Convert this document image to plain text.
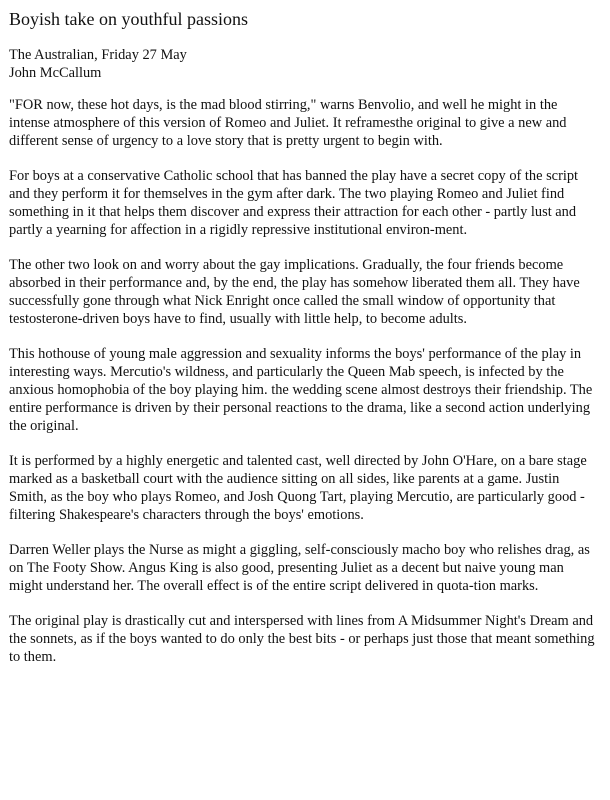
Boyish take on youthful passions
The Australian, Friday 27 May
John McCallum

"FOR now, these hot days, is the mad blood stirring," warns Benvolio, and well he might in the intense atmosphere of this version of Romeo and Juliet. It reframesthe original to give a new and different sense of urgency to a love story that is pretty urgent to begin with.

For boys at a conservative Catholic school that has banned the play have a secret copy of the script and they perform it for themselves in the gym after dark. The two playing Romeo and Juliet find something in it that helps them discover and express their attraction for each other - partly lust and partly a yearning for affection in a rigidly repressive institutional environ-ment.

The other two look on and worry about the gay implications. Gradually, the four friends become absorbed in their performance and, by the end, the play has somehow liberated them all. They have successfully gone through what Nick Enright once called the small window of opportunity that testosterone-driven boys have to find, usually with little help, to become adults.

This hothouse of young male aggression and sexuality informs the boys' performance of the play in interesting ways. Mercutio's wildness, and particularly the Queen Mab speech, is infected by the anxious homophobia of the boy playing him. the wedding scene almost destroys their friendship. The entire performance is driven by their personal reactions to the drama, like a second action underlying the original.

It is performed by a highly energetic and talented cast, well directed by John O'Hare, on a bare stage marked as a basketball court with the audience sitting on all sides, like parents at a game. Justin Smith, as the boy who plays Romeo, and Josh Quong Tart, playing Mercutio, are particularly good - filtering Shakespeare's characters through the boys' emotions.

Darren Weller plays the Nurse as might a giggling, self-consciously macho boy who relishes drag, as on The Footy Show. Angus King is also good, presenting Juliet as a decent but naive young man might understand her. The overall effect is of the entire script delivered in quota-tion marks.

The original play is drastically cut and interspersed with lines from A Midsummer Night's Dream and the sonnets, as if the boys wanted to do only the best bits - or perhaps just those that meant something to them.
